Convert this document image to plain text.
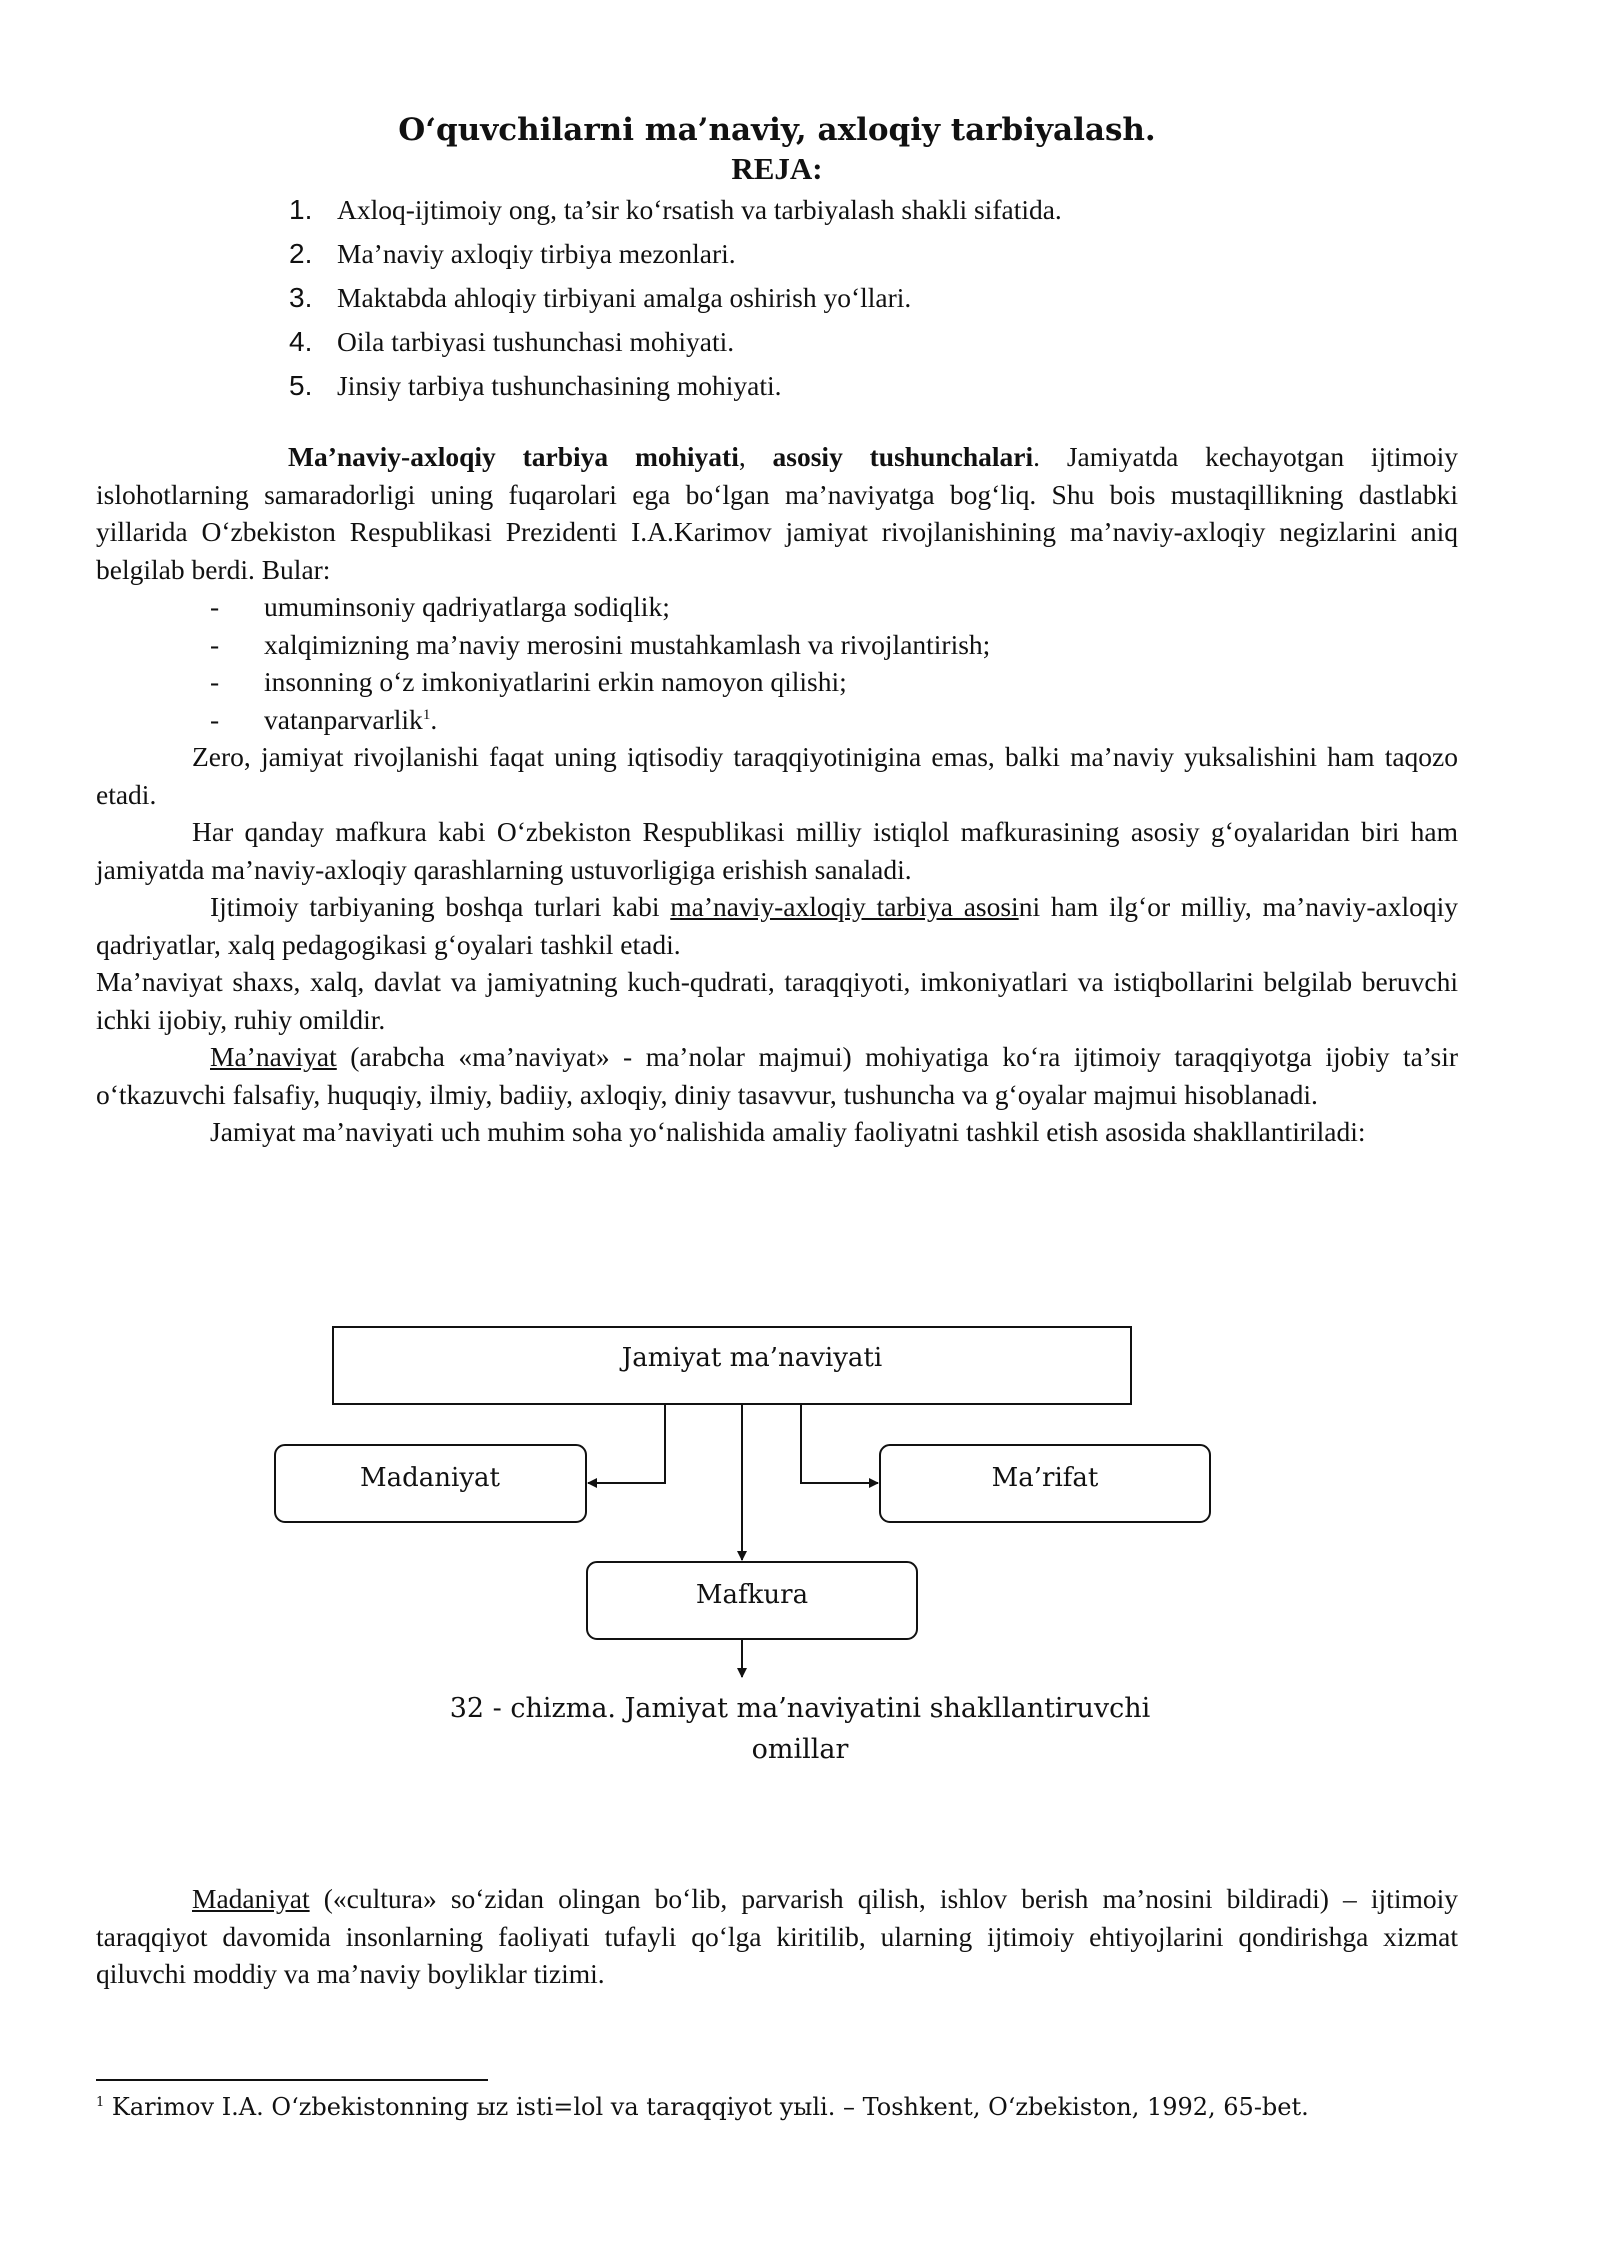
O‘quvchilarni ma’naviy, axloqiy tarbiyalash.
REJA:
1. Axloq-ijtimoiy ong, ta’sir ko‘rsatish va tarbiyalash shakli sifatida.
2. Ma’naviy axloqiy tirbiya mezonlari.
3. Maktabda ahloqiy tirbiyani amalga oshirish yo‘llari.
4. Oila tarbiyasi tushunchasi mohiyati.
5. Jinsiy tarbiya tushunchasining mohiyati.

Ma’naviy-axloqiy tarbiya mohiyati, asosiy tushunchalari. Jamiyatda kechayotgan ijtimoiy islohotlarning samaradorligi uning fuqarolari ega bo‘lgan ma’naviyatga bog‘liq. Shu bois mustaqillikning dastlabki yillarida O‘zbekiston Respublikasi Prezidenti I.A.Karimov jamiyat rivojlanishining ma’naviy-axloqiy negizlarini aniq belgilab berdi. Bular:

-	umuminsoniy qadriyatlarga sodiqlik;
-	xalqimizning ma’naviy merosini mustahkamlash va rivojlantirish;
-	insonning o‘z imkoniyatlarini erkin namoyon qilishi;
-	vatanparvarlik$^1$.

Zero, jamiyat rivojlanishi faqat uning iqtisodiy taraqqiyotiniginа emas, balki ma’naviy yuksalishini ham taqozo etadi.

Har qanday mafkura kabi O‘zbekiston Respublikasi milliy istiqlol mafkurasining asosiy g‘oyalaridan biri ham jamiyatda ma’naviy-axloqiy qarashlarning ustuvorligiga erishish sanaladi.

Ijtimoiy tarbiyaning boshqa turlari kabi ma’naviy-axloqiy tarbiya asosini ham ilg‘or milliy, ma’naviy-axloqiy qadriyatlar, xalq pedagogikasi g‘oyalari tashkil etadi.

Ma’naviyat shaxs, xalq, davlat va jamiyatning kuch-qudrati, taraqqiyoti, imkoniyatlari va istiqbollarini belgilab beruvchi ichki ijobiy, ruhiy omildir.

Ma’naviyat (arabcha «ma’naviyat» - ma’nolar majmui) mohiyatiga ko‘ra ijtimoiy taraqqiyotga ijobiy ta’sir o‘tkazuvchi falsafiy, huquqiy, ilmiy, badiiy, axloqiy, diniy tasavvur, tushuncha va g‘oyalar majmui hisoblanadi.

Jamiyat ma’naviyati uch muhim soha yo‘nalishida amaliy faoliyatni tashkil etish asosida shakllantiriladi:

Jamiyat ma’naviyati
Madaniyat	Ma’rifat
Mafkura
32 - chizma. Jamiyat ma’naviyatini shakllantiruvchi
omillar

Madaniyat («cultura» so‘zidan olingan bo‘lib, parvarish qilish, ishlov berish ma’nosini bildiradi) – ijtimoiy taraqqiyot davomida insonlarning faoliyati tufayli qo‘lga kiritilib, ularning ijtimoiy ehtiyojlarini qondirishga xizmat qiluvchi moddiy va ma’naviy boyliklar tizimi.

$^1$ Karimov I.A. O‘zbekistonning ыz isti=lol va taraqqiyot yыli. – Toshkent, O‘zbekiston, 1992, 65-bet.
